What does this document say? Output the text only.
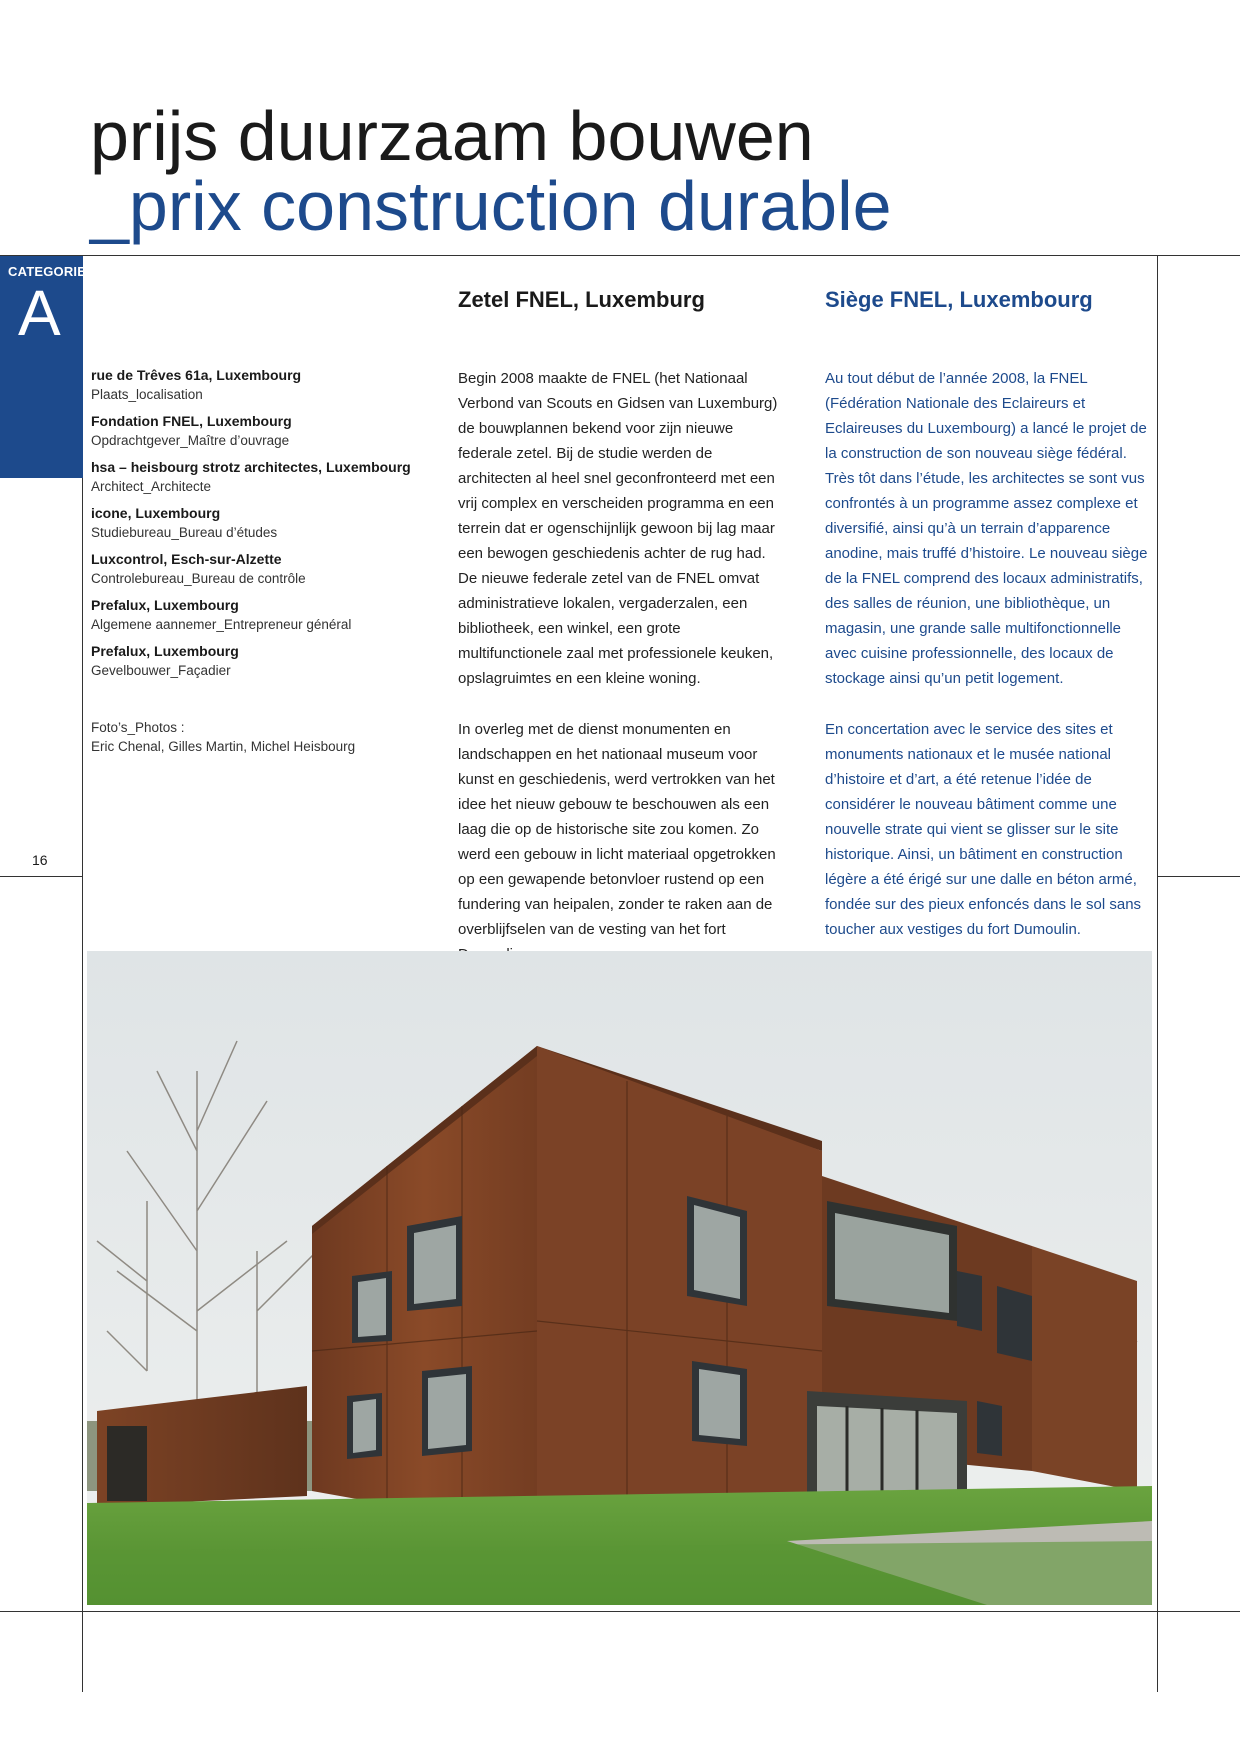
prijs duurzaam bouwen
_prix construction durable
CATEGORIE
A
rue de Trêves 61a, Luxembourg
Plaats_localisation
Fondation FNEL, Luxembourg
Opdrachtgever_Maître d’ouvrage
hsa – heisbourg strotz architectes, Luxembourg
Architect_Architecte
icone, Luxembourg
Studiebureau_Bureau d’études
Luxcontrol, Esch-sur-Alzette
Controlebureau_Bureau de contrôle
Prefalux, Luxembourg
Algemene aannemer_Entrepreneur général
Prefalux, Luxembourg
Gevelbouwer_Façadier
Foto’s_Photos :
Eric Chenal, Gilles Martin, Michel Heisbourg
16
Zetel FNEL, Luxemburg	Siège FNEL, Luxembourg

Begin 2008 maakte de FNEL (het Nationaal Verbond van Scouts en Gidsen van Luxemburg) de bouwplannen bekend voor zijn nieuwe federale zetel. Bij de studie werden de architecten al heel snel geconfronteerd met een vrij complex en verscheiden programma en een terrein dat er ogenschijnlijk gewoon bij lag maar een bewogen geschiedenis achter de rug had. De nieuwe federale zetel van de FNEL omvat administratieve lokalen, vergaderzalen, een bibliotheek, een winkel, een grote multifunctionele zaal met professionele keuken, opslagruimtes en een kleine woning.

In overleg met de dienst monumenten en landschappen en het nationaal museum voor kunst en geschiedenis, werd vertrokken van het idee het nieuw gebouw te beschouwen als een laag die op de historische site zou komen. Zo werd een gebouw in licht materiaal opgetrokken op een gewapende betonvloer rustend op een fundering van heipalen, zonder te raken aan de overblijfselen van de vesting van het fort

Au tout début de l’année 2008, la FNEL (Fédération Nationale des Eclaireurs et Eclaireuses du Luxembourg) a lancé le projet de la construction de son nouveau siège fédéral. Très tôt dans l’étude, les architectes se sont vus confrontés à un programme assez complexe et diversifié, ainsi qu’à un terrain d’apparence anodine, mais truffé d’histoire. Le nouveau siège de la FNEL comprend des locaux administratifs, des salles de réunion, une bibliothèque, un magasin, une grande salle multifonctionnelle avec cuisine professionnelle, des locaux de stockage ainsi qu’un petit logement.

En concertation avec le service des sites et monuments nationaux et le musée national d’histoire et d’art, a été retenue l’idée de considérer le nouveau bâtiment comme une nouvelle strate qui vient se glisser sur le site historique. Ainsi, un bâtiment en construction légère a été érigé sur une dalle en béton armé, fondée sur des pieux enfoncés dans le sol sans toucher aux vestiges du fort Dumoulin.
